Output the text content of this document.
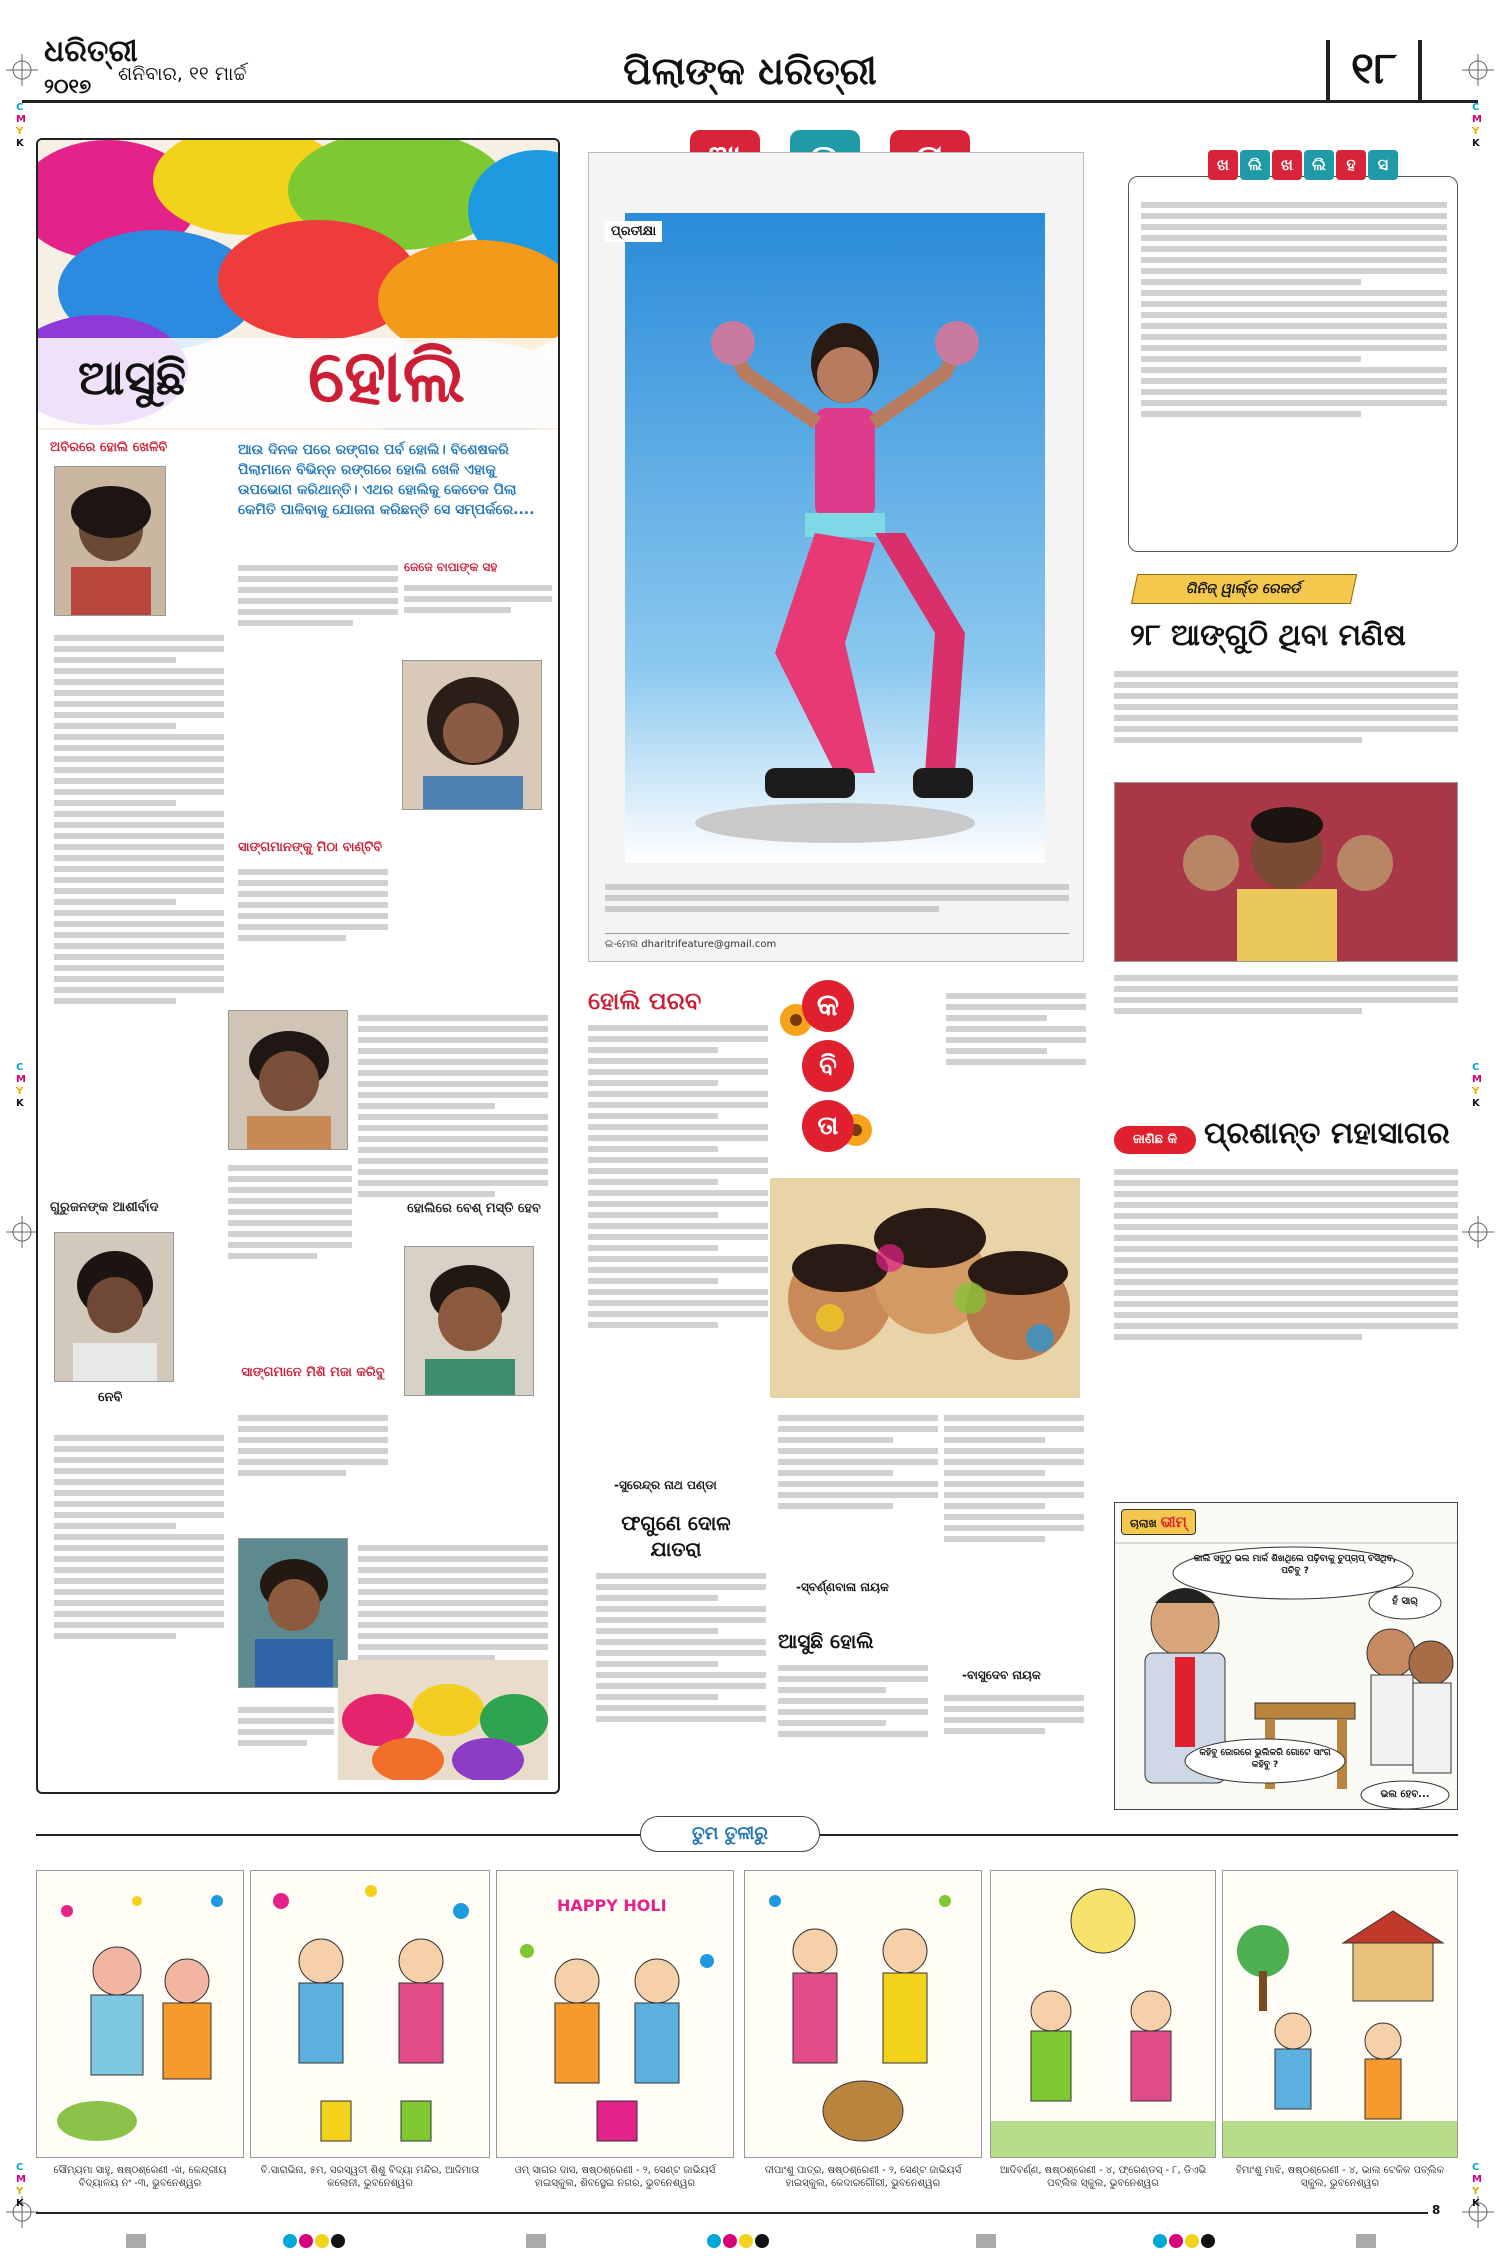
ଧରିତ୍ରୀ
୨୦୧୭ ଶନିବାର, ୧୧ ମାର୍ଚ୍ଚ	ପିଲାଙ୍କ ଧରିତ୍ରୀ	୧୮
C
M
Y
K
C
M
Y
K
C
M
Y
K
C
M
Y
K
C
M
Y
K
C
M
Y
K
ଆସୁଛି ହୋଲି
ଆଉ ଦିନକ ପରେ ରଙ୍ଗର ପର୍ବ ହୋଲି। ବିଶେଷକରି ପିଲାମାନେ ବିଭିନ୍ନ ରଙ୍ଗରେ ହୋଲି ଖେଳି ଏହାକୁ ଉପଭୋଗ କରିଥାନ୍ତି। ଏଥର ହୋଲିକୁ କେତେକ ପିଲା କେମିତି ପାଳିବାକୁ ଯୋଜନା କରିଛନ୍ତି ସେ ସମ୍ପର୍କରେ....
ଅବିରରେ ହୋଲି ଖେଳିବି
ଜେଜେ ବାପାଙ୍କ ସହ
ସାଙ୍ଗମାନଙ୍କୁ ମିଠା ବାଣ୍ଟିବି
ଗୁରୁଜନଙ୍କ ଆଶୀର୍ବାଦ
ନେବି
ହୋଲିରେ ବେଶ୍ ମସ୍ତି ହେବ
ସାଙ୍ଗମାନେ ମିଶି ମଜା କରିବୁ
ପ୍ରତୀକ୍ଷା
ଇ-ମେଲ dharitrifeature@gmail.com
ହୋଲି ପରବ	କ
ବି
ତା
-ସୁରେନ୍ଦ୍ର ନାଥ ପଣ୍ଡା
ଫଗୁଣେ ଦୋଳ ଯାତରା
-ସ୍ବର୍ଣ୍ଣବାଳା ନାୟକ
ଆସୁଛି ହୋଲି
-ବାସୁଦେବ ନାୟକ
ଖ	ଲି	ଖ	ଲି	ହ	ସ
ଗିନିଜ୍ ୱାର୍ଲ୍ଡ ରେକର୍ଡ
୨୮ ଆଙ୍ଗୁଠି ଥିବା ମଣିଷ
ଜାଣିଛ କି ପ୍ରଶାନ୍ତ ମହାସାଗର
ଚାଲାଖ ଭୀମ୍
କାଲି ସବୁଠୁ ଭଲ ମାର୍କ ଶିଖଥିଲେ ପଢ଼ିବାକୁ ଚୁପ୍‌ଚାପ୍‌ ବସିଥିବ, ପଚିବୁ ?
ହଁ ସାର୍‌
କହିବୁ ଜୋରରେ ଭୁଲିକରି ଗୋଟେ ସାଂଗ କହିବୁ ?
ଭଲ ହେବ...
ତୁମ ତୁଳୀରୁ
ସୌମ୍ୟମା ସାହୁ, ଷଷ୍ଠଶ୍ରେଣୀ -ଖ, କେନ୍ଦ୍ରୀୟ ବିଦ୍ୟାଳୟ ନଂ -୩, ଭୁବନେଶ୍ୱର
ବି.ସାରାଭିନା, ୫ମ, ସରସ୍ୱତୀ ଶିଶୁ ବିଦ୍ୟା ମନ୍ଦିର, ଆଦିମାତା କଲୋନୀ, ଭୁବନେଶ୍ୱର
HAPPY HOLI
ଓମ୍ ସାଗର ଦାସ, ଷଷ୍ଠଶ୍ରେଣୀ - ୨, ସେଣ୍ଟ ଜାଭିୟର୍ସ ହାଇସ୍କୁଲ, ଶିବସ୍ଥେଇ ନଗର, ଭୁବନେଶ୍ୱର
ଦୀପାଂଶୁ ପାତ୍ର, ଷଷ୍ଠଶ୍ରେଣୀ - ୨, ସେଣ୍ଟ ଜାଭିୟର୍ସ ହାଇସ୍କୁଲ, କେଦାରଗୌରୀ, ଭୁବନେଶ୍ୱର
ଆଦିବର୍ଣ୍ଣ, ଷଷ୍ଠଶ୍ରେଣୀ - ୪, ଫ୍ରେଣ୍ଡସ୍ - ୮, ଡିଏଭି ପବ୍ଲିକ ସ୍କୁଲ, ଭୁବନେଶ୍ୱର
ହିମାଂଶୁ ମାଝି, ଷଷ୍ଠଶ୍ରେଣୀ - ୪, ଭାଲ ଟେକିକ ପବ୍ଲିକ ସ୍କୁଲ, ଭୁବନେଶ୍ୱର
8
